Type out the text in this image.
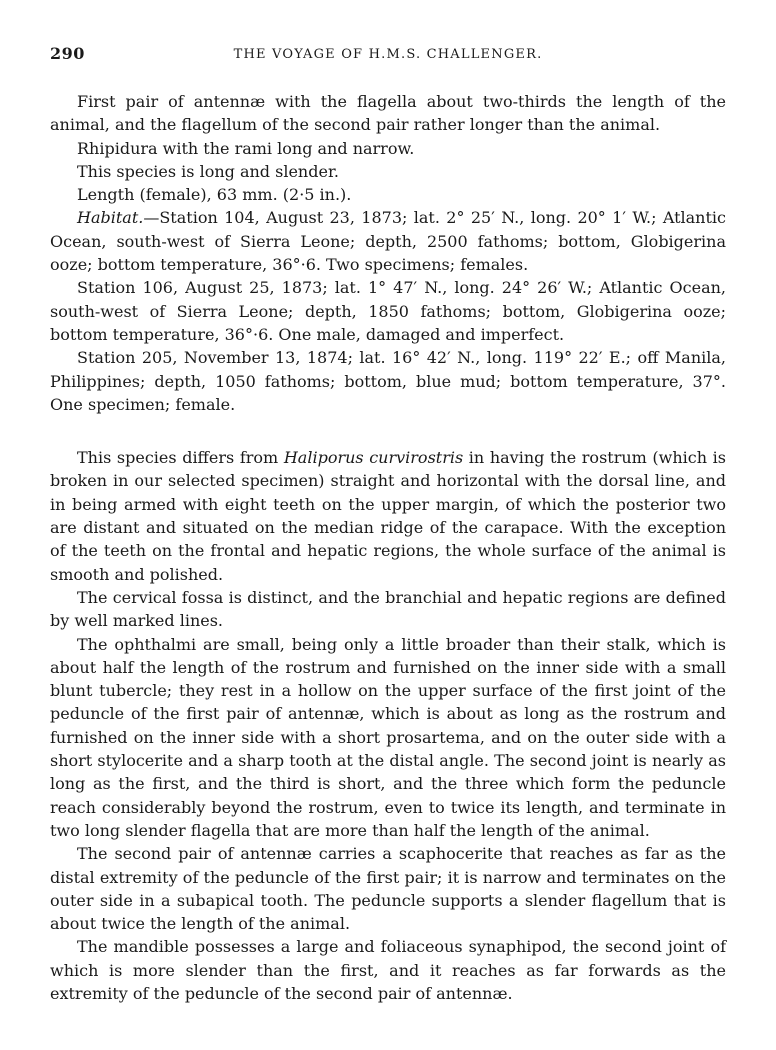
290	THE VOYAGE OF H.M.S. CHALLENGER.

First pair of antennæ with the flagella about two-thirds the length of the animal, and the flagellum of the second pair rather longer than the animal.

Rhipidura with the rami long and narrow.

This species is long and slender.

Length (female), 63 mm. (2·5 in.).

Habitat.—Station 104, August 23, 1873; lat. 2° 25′ N., long. 20° 1′ W.; Atlantic Ocean, south-west of Sierra Leone; depth, 2500 fathoms; bottom, Globigerina ooze; bottom temperature, 36°·6. Two specimens; females.

Station 106, August 25, 1873; lat. 1° 47′ N., long. 24° 26′ W.; Atlantic Ocean, south-west of Sierra Leone; depth, 1850 fathoms; bottom, Globigerina ooze; bottom temperature, 36°·6. One male, damaged and imperfect.

Station 205, November 13, 1874; lat. 16° 42′ N., long. 119° 22′ E.; off Manila, Philippines; depth, 1050 fathoms; bottom, blue mud; bottom temperature, 37°. One specimen; female.

This species differs from Haliporus curvirostris in having the rostrum (which is broken in our selected specimen) straight and horizontal with the dorsal line, and in being armed with eight teeth on the upper margin, of which the posterior two are distant and situated on the median ridge of the carapace. With the exception of the teeth on the frontal and hepatic regions, the whole surface of the animal is smooth and polished.

The cervical fossa is distinct, and the branchial and hepatic regions are defined by well marked lines.

The ophthalmi are small, being only a little broader than their stalk, which is about half the length of the rostrum and furnished on the inner side with a small blunt tubercle; they rest in a hollow on the upper surface of the first joint of the peduncle of the first pair of antennæ, which is about as long as the rostrum and furnished on the inner side with a short prosartema, and on the outer side with a short stylocerite and a sharp tooth at the distal angle. The second joint is nearly as long as the first, and the third is short, and the three which form the peduncle reach considerably beyond the rostrum, even to twice its length, and terminate in two long slender flagella that are more than half the length of the animal.

The second pair of antennæ carries a scaphocerite that reaches as far as the distal extremity of the peduncle of the first pair; it is narrow and terminates on the outer side in a subapical tooth. The peduncle supports a slender flagellum that is about twice the length of the animal.

The mandible possesses a large and foliaceous synaphipod, the second joint of which is more slender than the first, and it reaches as far forwards as the extremity of the peduncle of the second pair of antennæ.
